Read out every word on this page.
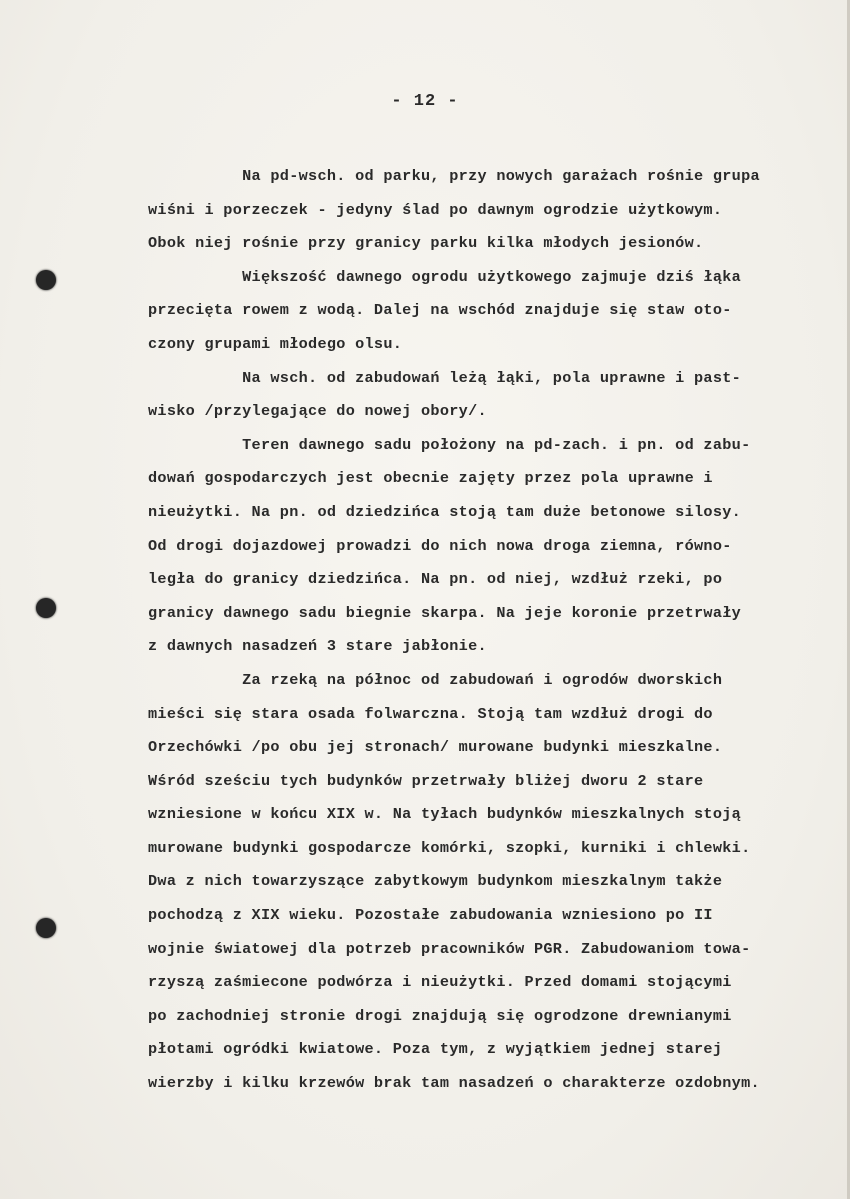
- 12 -
Na pd-wsch. od parku, przy nowych garażach rośnie grupa
wiśni i porzeczek - jedyny ślad po dawnym ogrodzie użytkowym.
Obok niej rośnie przy granicy parku kilka młodych jesionów.
Większość dawnego ogrodu użytkowego zajmuje dziś łąka
przecięta rowem z wodą. Dalej na wschód znajduje się staw oto-
czony grupami młodego olsu.
Na wsch. od zabudowań leżą łąki, pola uprawne i past-
wisko /przylegające do nowej obory/.
Teren dawnego sadu położony na pd-zach. i pn. od zabu-
dowań gospodarczych jest obecnie zajęty przez pola uprawne i
nieużytki. Na pn. od dziedzińca stoją tam duże betonowe silosy.
Od drogi dojazdowej prowadzi do nich nowa droga ziemna, równo-
legła do granicy dziedzińca. Na pn. od niej, wzdłuż rzeki, po
granicy dawnego sadu biegnie skarpa. Na jeje koronie przetrwały
z dawnych nasadzeń 3 stare jabłonie.
Za rzeką na północ od zabudowań i ogrodów dworskich
mieści się stara osada folwarczna. Stoją tam wzdłuż drogi do
Orzechówki /po obu jej stronach/ murowane budynki mieszkalne.
Wśród sześciu tych budynków przetrwały bliżej dworu 2 stare
wzniesione w końcu XIX w. Na tyłach budynków mieszkalnych stoją
murowane budynki gospodarcze komórki, szopki, kurniki i chlewki.
Dwa z nich towarzyszące zabytkowym budynkom mieszkalnym także
pochodzą z XIX wieku. Pozostałe zabudowania wzniesiono po II
wojnie światowej dla potrzeb pracowników PGR. Zabudowaniom towa-
rzyszą zaśmiecone podwórza i nieużytki. Przed domami stojącymi
po zachodniej stronie drogi znajdują się ogrodzone drewnianymi
płotami ogródki kwiatowe. Poza tym, z wyjątkiem jednej starej
wierzby i kilku krzewów brak tam nasadzeń o charakterze ozdobnym.
